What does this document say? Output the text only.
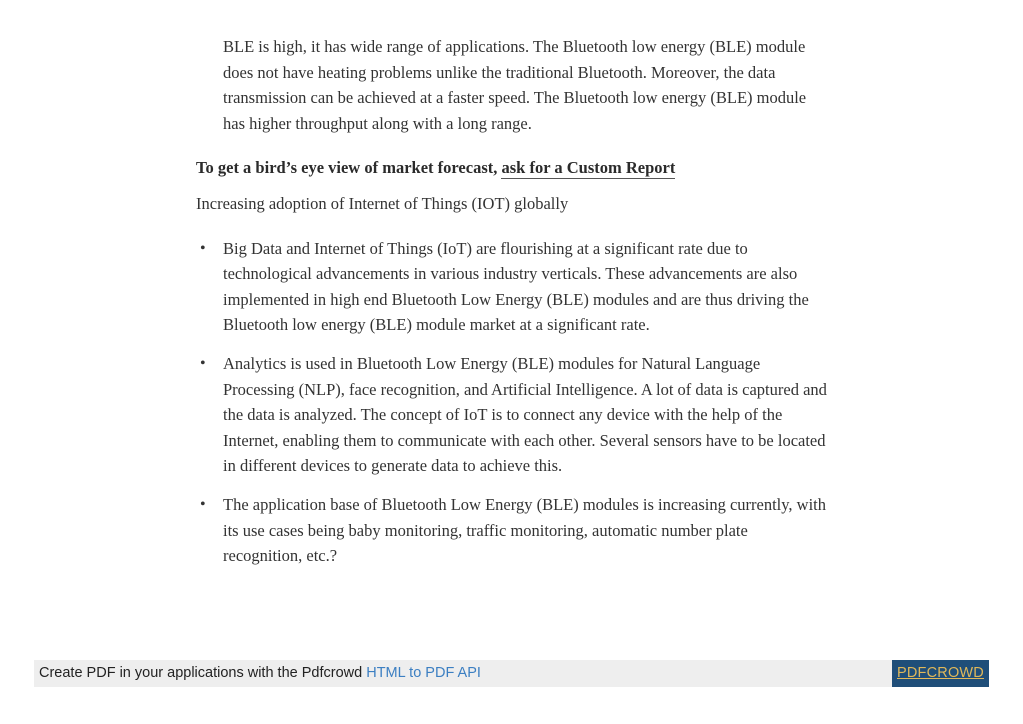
BLE is high, it has wide range of applications. The Bluetooth low energy (BLE) module does not have heating problems unlike the traditional Bluetooth. Moreover, the data transmission can be achieved at a faster speed. The Bluetooth low energy (BLE) module has higher throughput along with a long range.

To get a bird’s eye view of market forecast, ask for a Custom Report

Increasing adoption of Internet of Things (IOT) globally

• Big Data and Internet of Things (IoT) are flourishing at a significant rate due to technological advancements in various industry verticals. These advancements are also implemented in high end Bluetooth Low Energy (BLE) modules and are thus driving the Bluetooth low energy (BLE) module market at a significant rate.
• Analytics is used in Bluetooth Low Energy (BLE) modules for Natural Language Processing (NLP), face recognition, and Artificial Intelligence. A lot of data is captured and the data is analyzed. The concept of IoT is to connect any device with the help of the Internet, enabling them to communicate with each other. Several sensors have to be located in different devices to generate data to achieve this.
• The application base of Bluetooth Low Energy (BLE) modules is increasing currently, with its use cases being baby monitoring, traffic monitoring, automatic number plate recognition, etc.?
Create PDF in your applications with the Pdfcrowd HTML to PDF API	PDFCROWD
